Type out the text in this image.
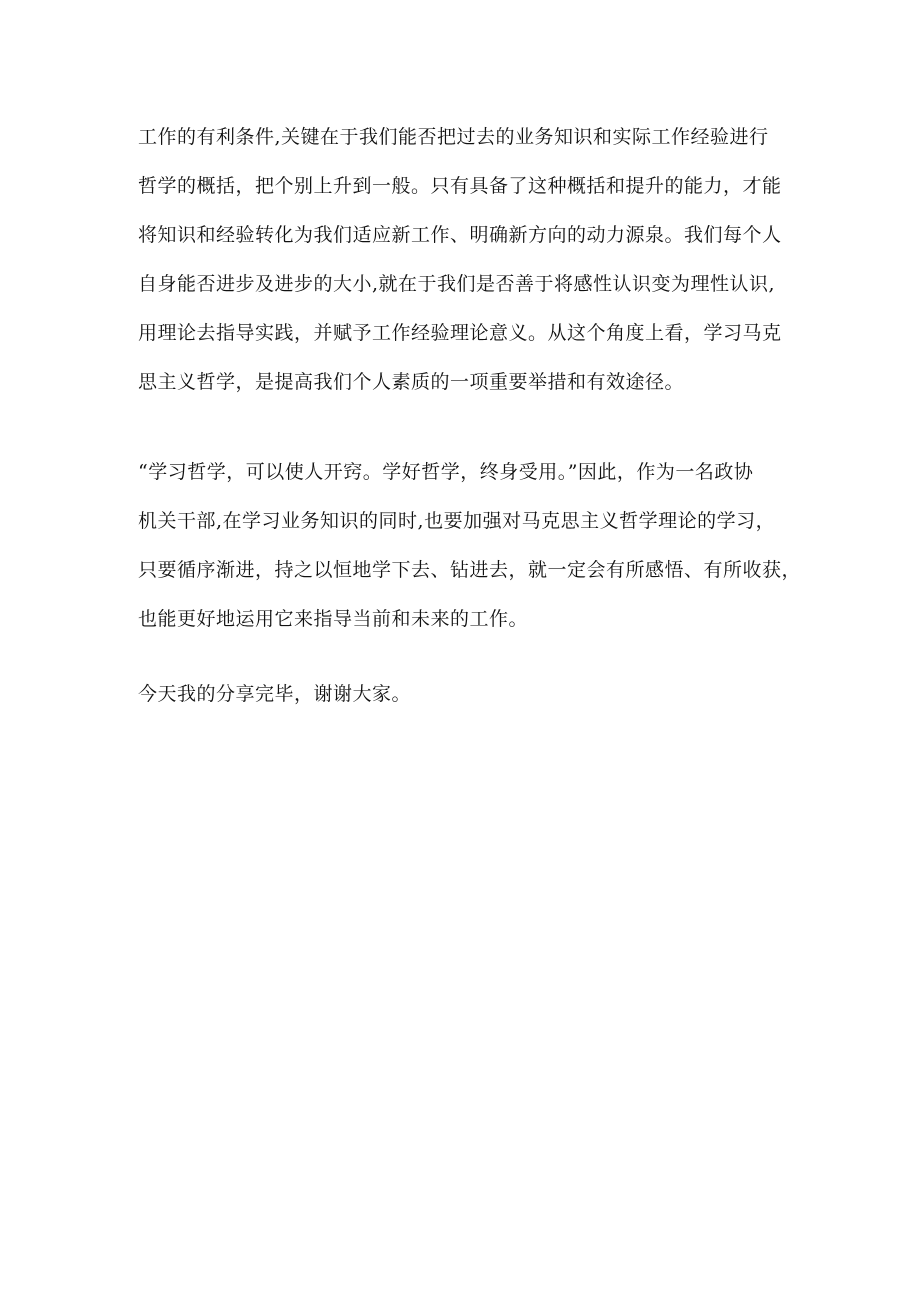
工作的有利条件,关键在于我们能否把过去的业务知识和实际工作经验进行
哲学的概括，把个别上升到一般。只有具备了这种概括和提升的能力，才能
将知识和经验转化为我们适应新工作、明确新方向的动力源泉。我们每个人
自身能否进步及进步的大小,就在于我们是否善于将感性认识变为理性认识,
用理论去指导实践，并赋予工作经验理论意义。从这个角度上看，学习马克
思主义哲学，是提高我们个人素质的一项重要举措和有效途径。
“学习哲学，可以使人开窍。学好哲学，终身受用。”因此，作为一名政协
机关干部,在学习业务知识的同时,也要加强对马克思主义哲学理论的学习，
只要循序渐进，持之以恒地学下去、钻进去，就一定会有所感悟、有所收获，
也能更好地运用它来指导当前和未来的工作。
今天我的分享完毕，谢谢大家。
